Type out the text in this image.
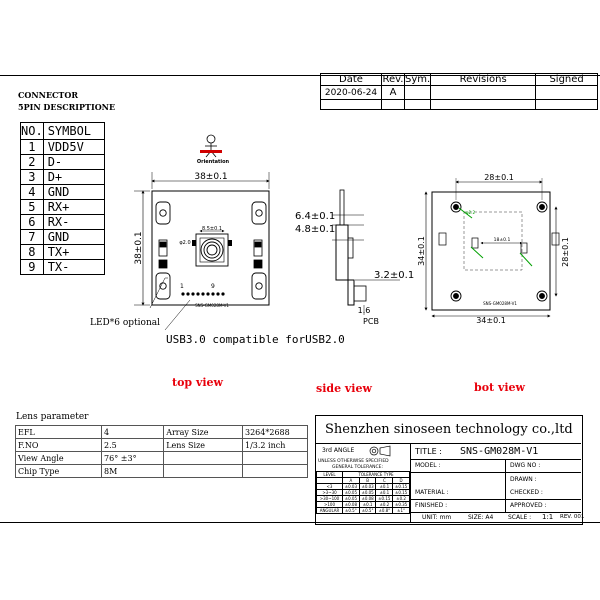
Date	Rev.	Sym.	Revisions	Signed
2020-06-24	A			

CONNECTOR
5PIN DESCRIPTIONE
NO.	SYMBOL
1	VDD5V
2	D-
3	D+
4	GND
5	RX+
6	RX-
7	GND
8	TX+
9	TX-
Orientation
8.5±0.1
φ2.0
1	9
SNS-GM028M-V1
38±0.1
38±0.1
6.4±0.1
4.8±0.1
3.2±0.1
1.6
PCB
φ2.2
28±0.1
34±0.1
34±0.1	28±0.1
18±0.1
SNS-GM028M-V1
LED*6 optional
USB3.0 compatible forUSB2.0
top view	side view	bot view
Lens parameter
EFL	4	Array Size	3264*2688
F.NO	2.5	Lens Size	1/3.2 inch
View Angle	76° ±3°		
Chip Type	8M		
Shenzhen sinoseen technology co.,ltd
3rd ANGLE
UNLESS OTHERWISE SPECIFIED
GENERAL TOLERANCE:
LEVEL	TOLERANCE TYPE			
	A	B	C	D
<3	±0.03	±0.03	±0.1	±0.15
>3~30	±0.05	±0.05	±0.1	±0.15
>30~100	±0.05	±0.08	±0.15	±0.2
>100	±0.08	±0.1	±0.2	±0.35
ANGULAR	±0.5°	±0.5°	±0.8°	±1°
TITLE : SNS-GM028M-V1
MODEL :	DWG NO :
DRAWN :
MATERIAL :	CHECKED :
FINISHED :	APPROVED :
UNIT: mm	SIZE: A4 SCALE : 1:1 REV. 001
